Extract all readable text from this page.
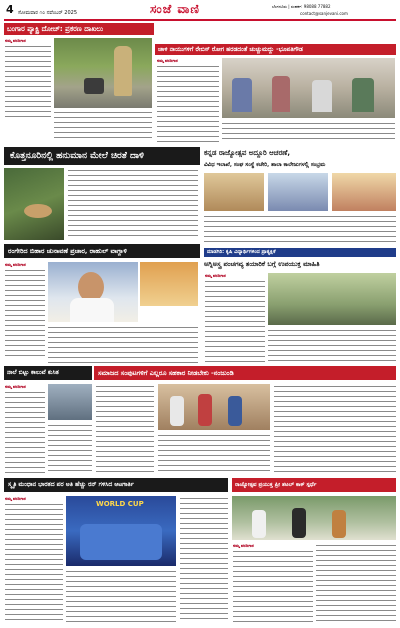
4 ಸೋಮವಾರ ೧೦ ನವೆಂಬರ್ 2025	ಸಂಜೆ ವಾಣಿ	ಬೆಂಗಳೂರು | ಸಂಪರ್ಕ: 98088 77882
contact@sanjevani.com
ಬಂಗಾರ ಪ್ಯಾಕ್ಟ್ರಿ ದೋಚ್: ಪ್ರಕರಣ ದಾಖಲು
ನಮ್ಮ ವರದಿಗಾರ
ಚಾಳಿ ನಾಯುಗಳಿಗೆ ರೇಬಿಸ್ ರೋಗ ಹರಡದಂತೆ ಚುಚ್ಚುಮದ್ದು -ಭೂಪತಿಗೌಡ
ನಮ್ಮ ವರದಿಗಾರ
ಕೊತ್ತನೂರಿನಲ್ಲಿ ಹನುಮಾನ ಮೇಲೆ ಚಿರತೆ ದಾಳಿ	ಕನ್ನಡ ರಾಜ್ಯೋತ್ಸವ ಅದ್ದೂರಿ ಆಚರಣೆ,
ವಿವಿಧ ಇಲಾಖೆ, ಸಂಘ ಸಂಸ್ಥೆ ಕಚೇರಿ, ಶಾಲಾ ಕಾಲೇಜುಗಳಲ್ಲಿ ಸಂಭ್ರಮ
ರಂಗೇರಿದ ಬಿಹಾರ ಚುನಾವಣೆ ಪ್ರಚಾರ, ರಾಹುಲ್ ವಾಗ್ದಾಳಿ
ನಮ್ಮ ವರದಿಗಾರ
ಮಾಡಗಿರಿ: ಕೃಷಿ ವಿದ್ಯಾರ್ಥಿಗಳಿಂದ ಪ್ರಾತ್ಯಕ್ಷಿಕೆ
ಅಗ್ನಿಅಸ್ತ್ರ ಪಂಚಗವ್ಯ ತಯಾರಿಕೆ ಬಗ್ಗೆ ಉಪಯುಕ್ತ ಮಾಹಿತಿ
ನಮ್ಮ ವರದಿಗಾರ
ನಾಲೆ ಬಿಟ್ಟು ಕಾಲುವೆ ಕುಸಿತ	ಸಮಾಜದ ಸಂಪುಟಗಳಿಗೆ ಎಲ್ಲರೂ ಸಹಕಾರ ನೀಡಬೇಕು -ನಂಜುಂಡಿ
ನಮ್ಮ ವರದಿಗಾರ
ಸ್ಮೃತಿ ಮಂಧಾನ ಭಾರತದ ಪರ ಅತಿ ಹೆಚ್ಚು ರನ್ ಗಳಿಸಿದ ಆಟಗಾರ್ತಿ
ನಮ್ಮ ವರದಿಗಾರ
WORLD CUP
ರಾಜ್ಯೋತ್ಸವ ಪ್ರಯುಕ್ತ ಪ್ರೀ ಶಟಲ್ ಕಾಕ್ ಸ್ಪರ್ಧೆ
ನಮ್ಮ ವರದಿಗಾರ
